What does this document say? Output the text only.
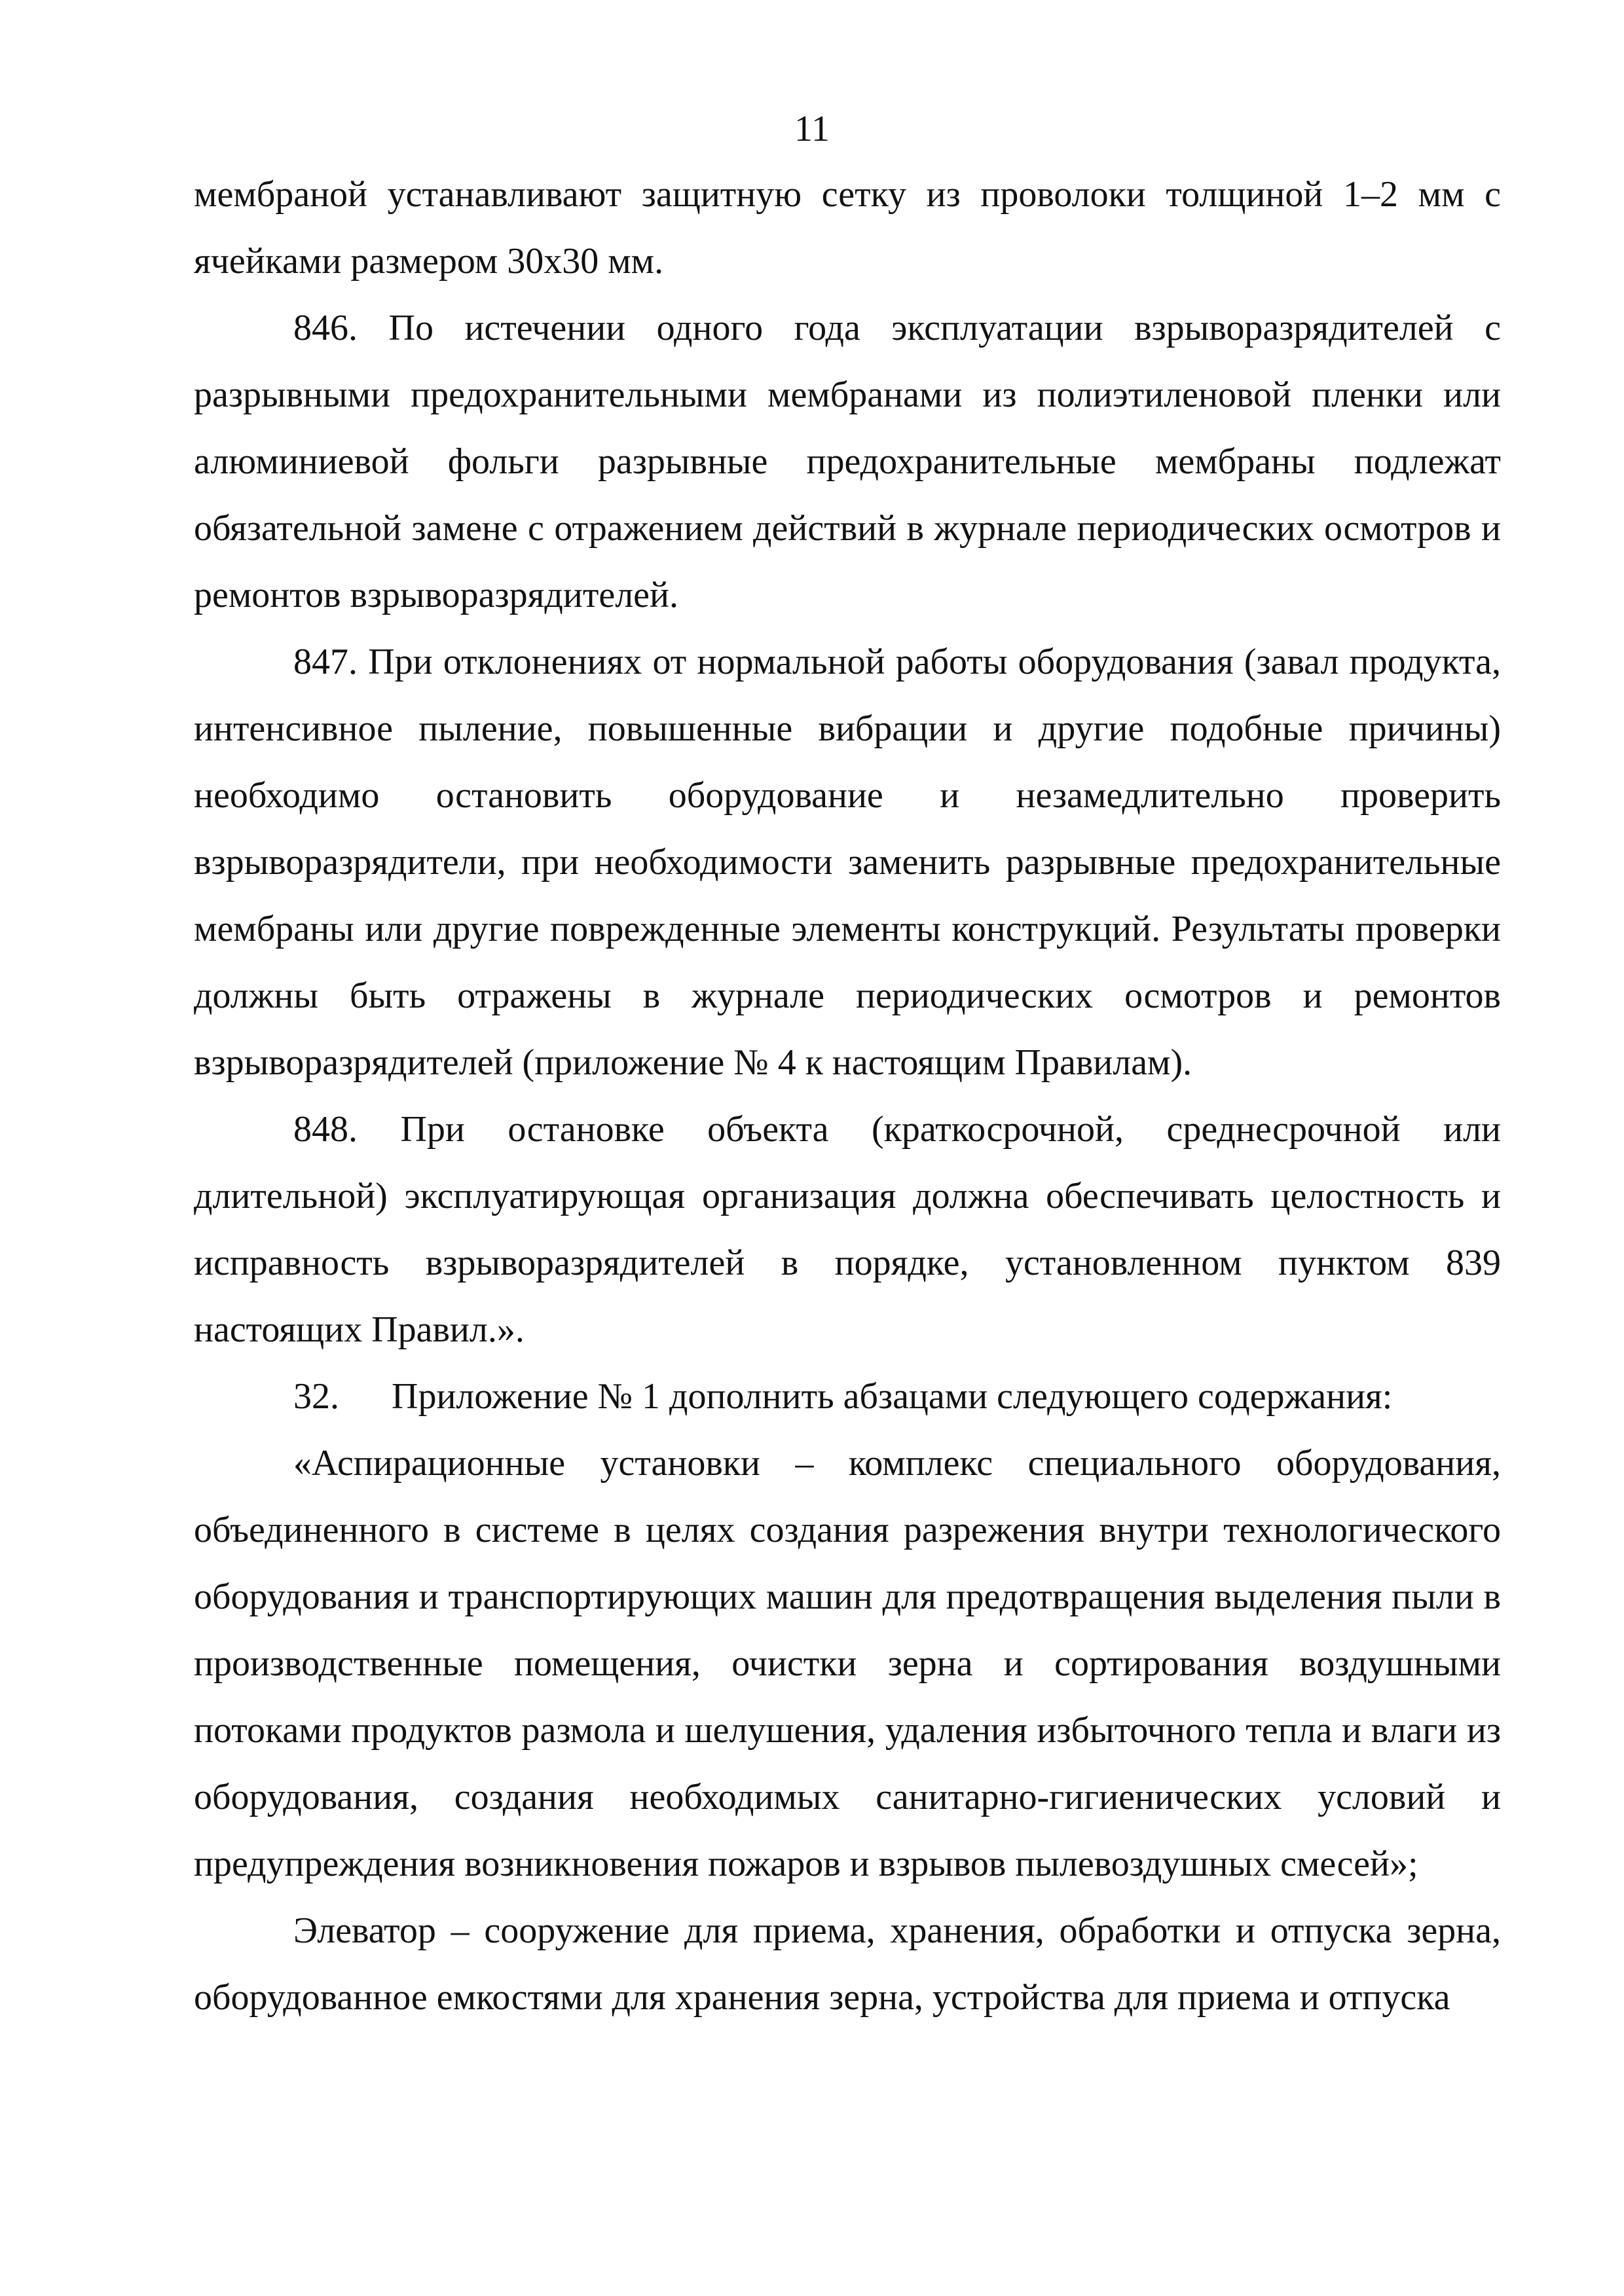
11

мембраной устанавливают защитную сетку из проволоки толщиной 1–2 мм с ячейками размером 30х30 мм.

846. По истечении одного года эксплуатации взрыворазрядителей с разрывными предохранительными мембранами из полиэтиленовой пленки или алюминиевой фольги разрывные предохранительные мембраны подлежат обязательной замене с отражением действий в журнале периодических осмотров и ремонтов взрыворазрядителей.

847. При отклонениях от нормальной работы оборудования (завал продукта, интенсивное пыление, повышенные вибрации и другие подобные причины) необходимо остановить оборудование и незамедлительно проверить взрыворазрядители, при необходимости заменить разрывные предохранительные мембраны или другие поврежденные элементы конструкций. Результаты проверки должны быть отражены в журнале периодических осмотров и ремонтов взрыворазрядителей (приложение № 4 к настоящим Правилам).

848. При остановке объекта (краткосрочной, среднесрочной или длительной) эксплуатирующая организация должна обеспечивать целостность и исправность взрыворазрядителей в порядке, установленном пунктом 839 настоящих Правил.».

32. Приложение № 1 дополнить абзацами следующего содержания:

«Аспирационные установки – комплекс специального оборудования, объединенного в системе в целях создания разрежения внутри технологического оборудования и транспортирующих машин для предотвращения выделения пыли в производственные помещения, очистки зерна и сортирования воздушными потоками продуктов размола и шелушения, удаления избыточного тепла и влаги из оборудования, создания необходимых санитарно-гигиенических условий и предупреждения возникновения пожаров и взрывов пылевоздушных смесей»;

Элеватор – сооружение для приема, хранения, обработки и отпуска зерна, оборудованное емкостями для хранения зерна, устройства для приема и отпуска
